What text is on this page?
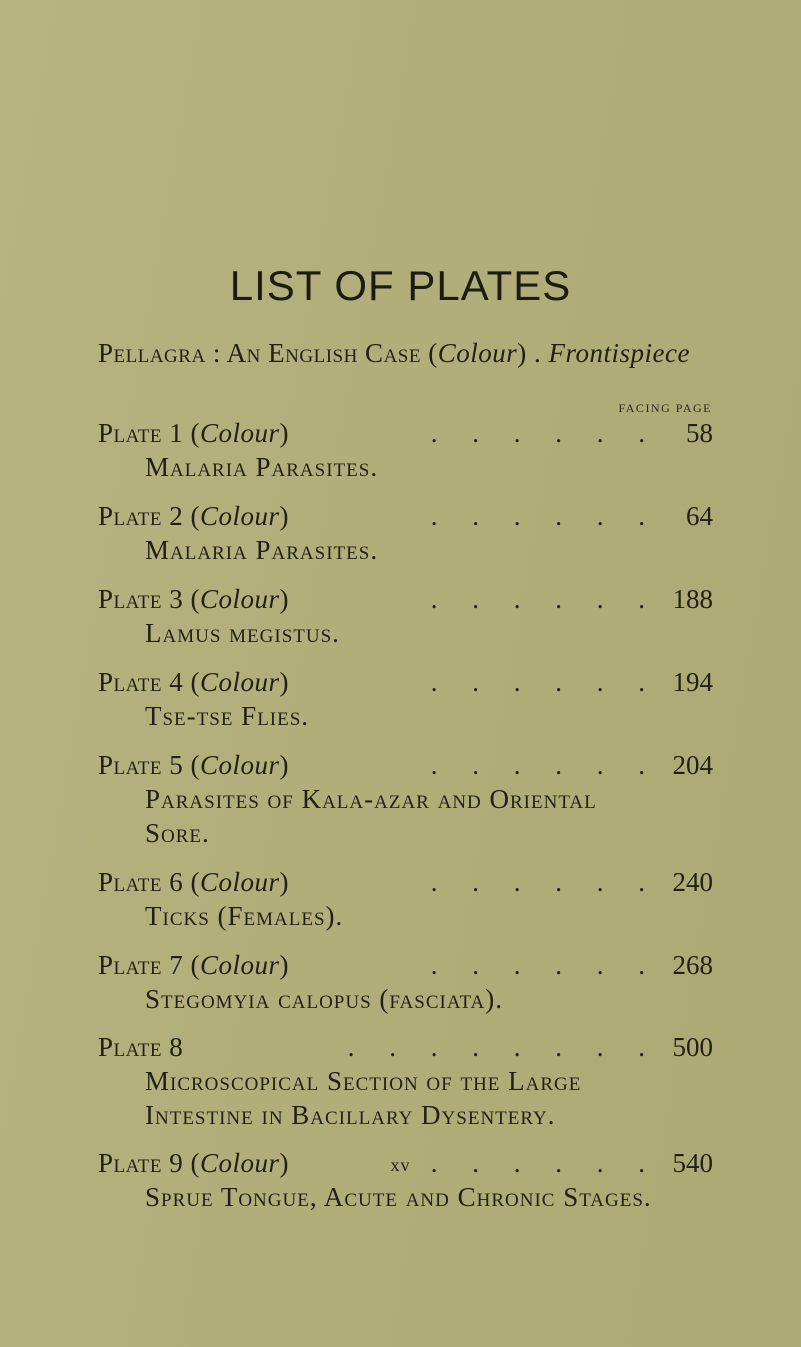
LIST OF PLATES
Pellagra : An English Case (Colour) . Frontispiece
FACING PAGE
Plate 1 (Colour)	. . . . . .	58
Malaria Parasites.
Plate 2 (Colour)	. . . . . .	64
Malaria Parasites.
Plate 3 (Colour)	. . . . . . 188
Lamus megistus.
Plate 4 (Colour)	. . . . . . 194
Tse-tse Flies.
Plate 5 (Colour)	. . . . . . 204
Parasites of Kala-azar and Oriental
Sore.
Plate 6 (Colour)	. . . . . . 240
Ticks (Females).
Plate 7 (Colour)	. . . . . . 268
Stegomyia calopus (fasciata).
Plate 8	. . . . . . . . 500
Microscopical Section of the Large
Intestine in Bacillary Dysentery.
Plate 9 (Colour)	. . . . . . 540
Sprue Tongue, Acute and Chronic Stages.
xv
